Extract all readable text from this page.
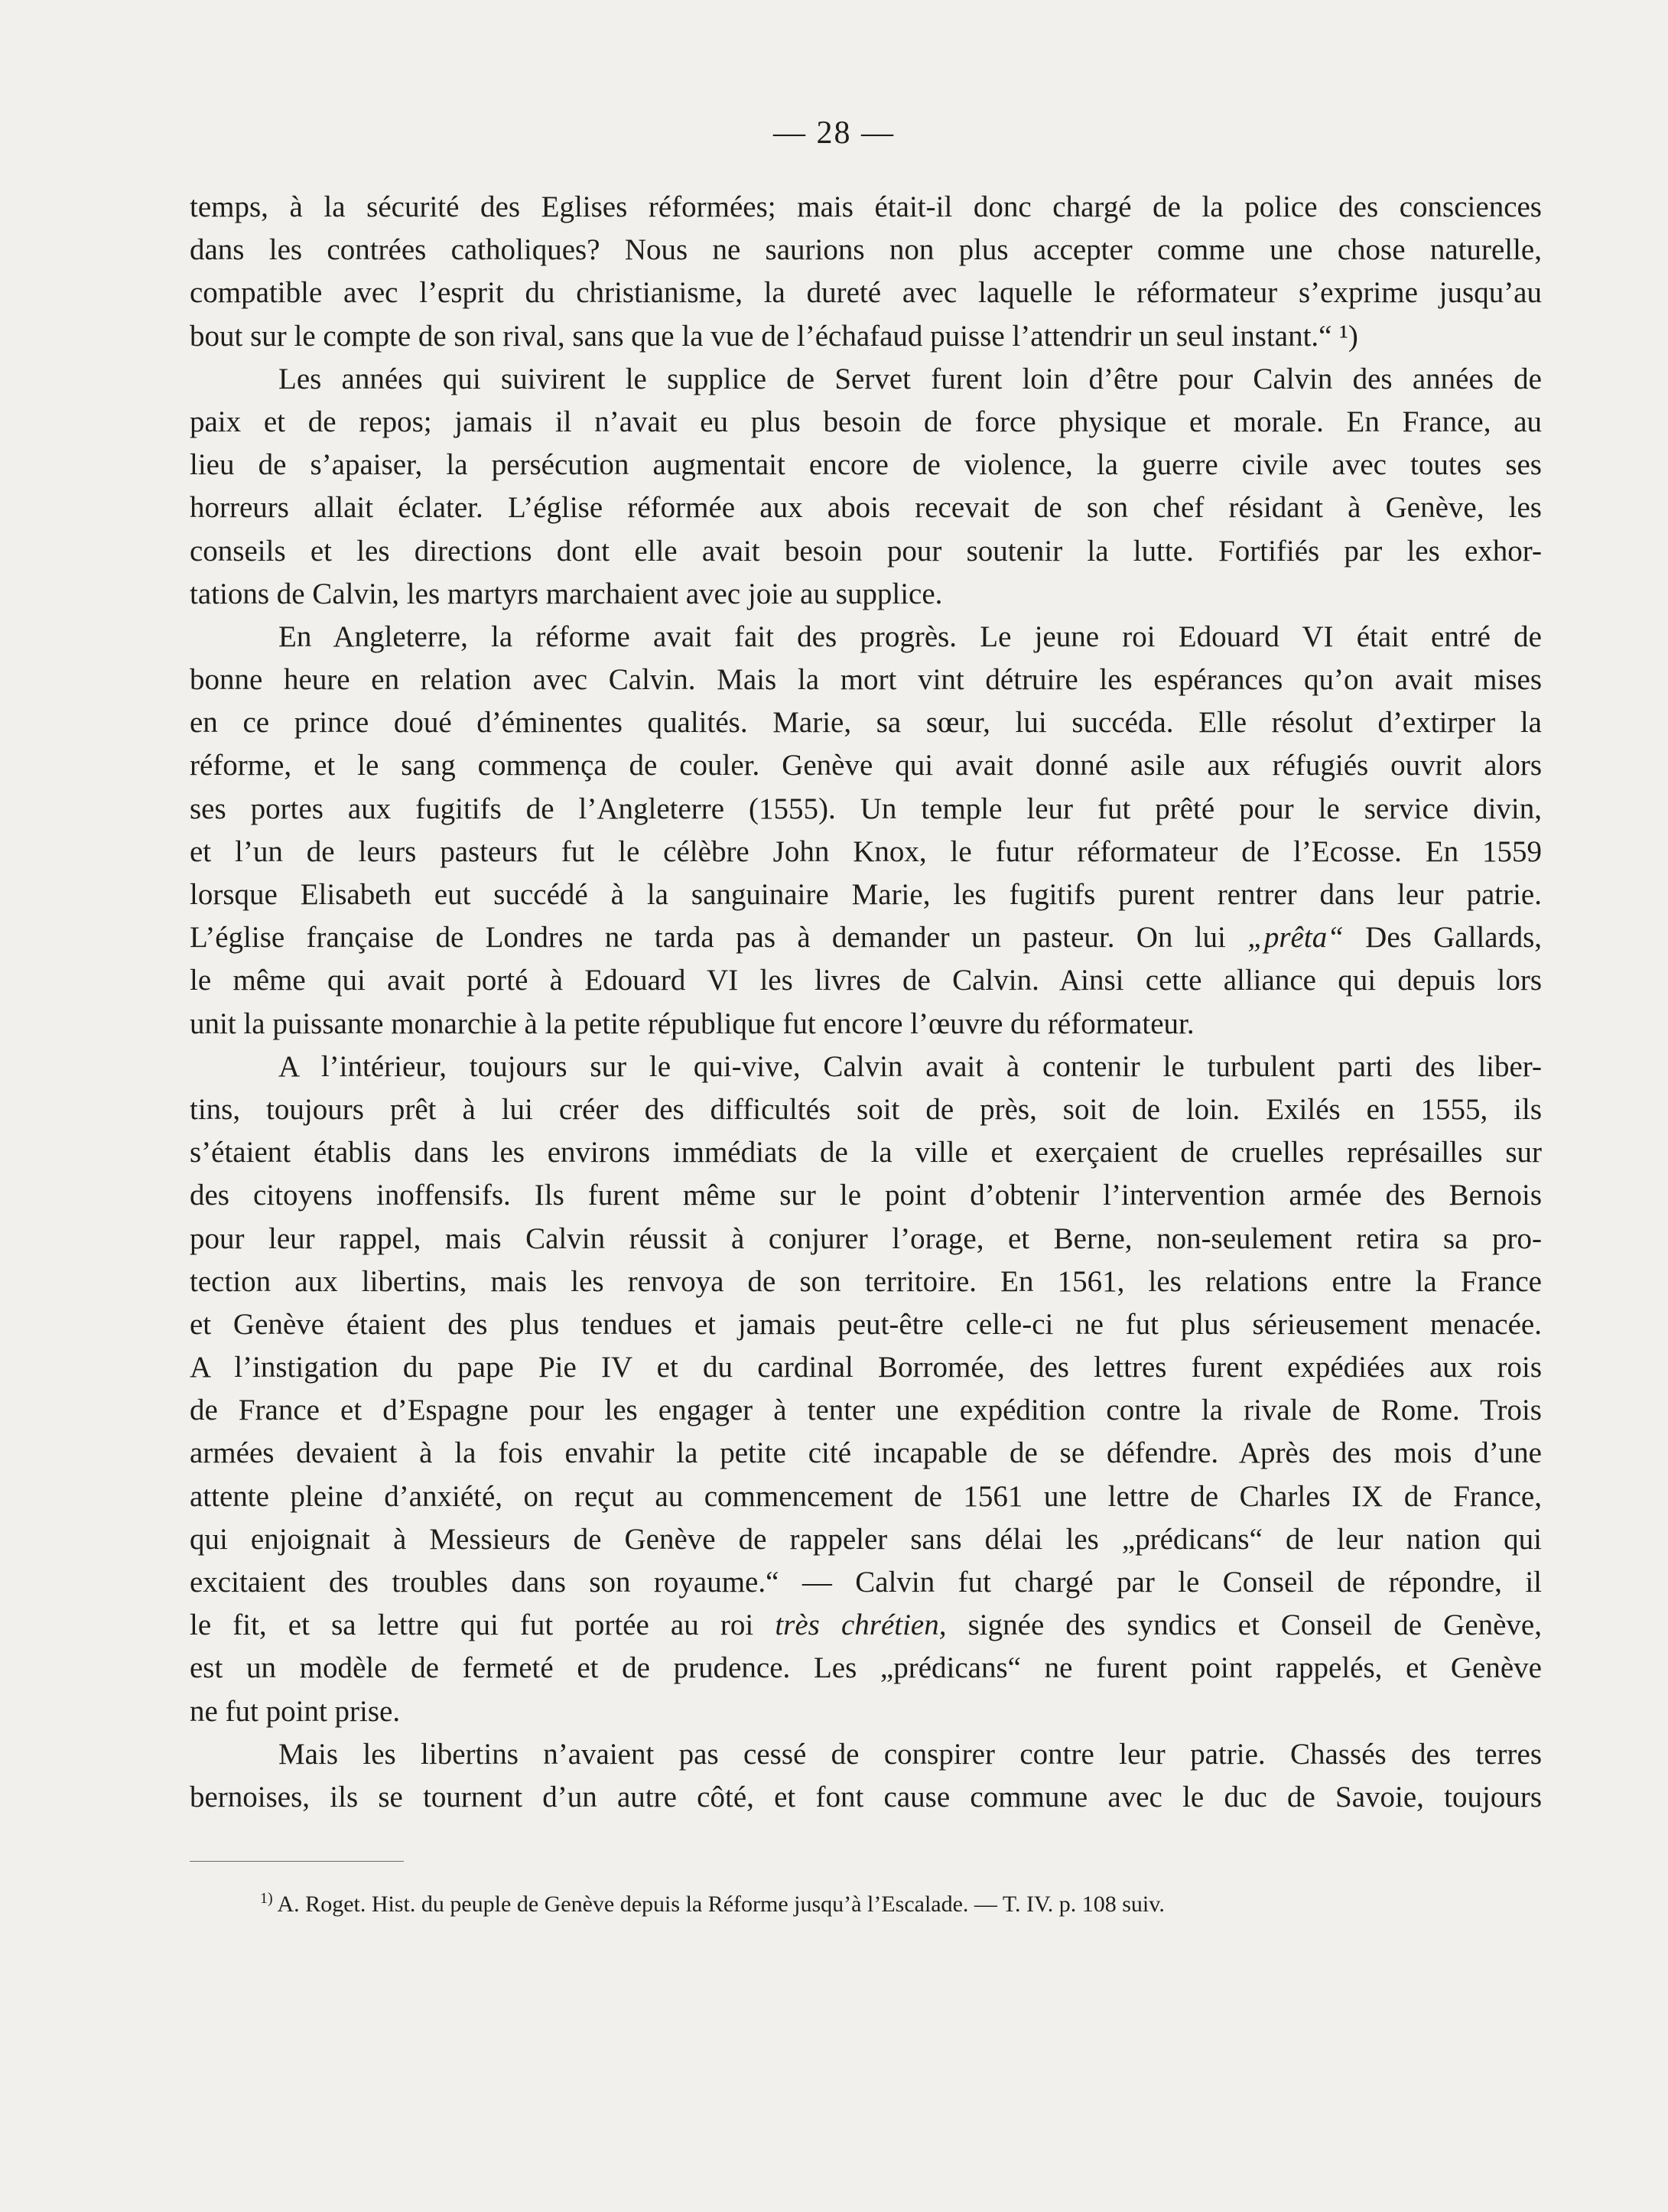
— 28 —
temps, à la sécurité des Eglises réformées; mais était-il donc chargé de la police des consciences
dans les contrées catholiques? Nous ne saurions non plus accepter comme une chose naturelle,
compatible avec l’esprit du christianisme, la dureté avec laquelle le réformateur s’exprime jusqu’au
bout sur le compte de son rival, sans que la vue de l’échafaud puisse l’attendrir un seul instant.“ ¹)
Les années qui suivirent le supplice de Servet furent loin d’être pour Calvin des années de
paix et de repos; jamais il n’avait eu plus besoin de force physique et morale. En France, au
lieu de s’apaiser, la persécution augmentait encore de violence, la guerre civile avec toutes ses
horreurs allait éclater. L’église réformée aux abois recevait de son chef résidant à Genève, les
conseils et les directions dont elle avait besoin pour soutenir la lutte. Fortifiés par les exhor-
tations de Calvin, les martyrs marchaient avec joie au supplice.
En Angleterre, la réforme avait fait des progrès. Le jeune roi Edouard VI était entré de
bonne heure en relation avec Calvin. Mais la mort vint détruire les espérances qu’on avait mises
en ce prince doué d’éminentes qualités. Marie, sa sœur, lui succéda. Elle résolut d’extirper la
réforme, et le sang commença de couler. Genève qui avait donné asile aux réfugiés ouvrit alors
ses portes aux fugitifs de l’Angleterre (1555). Un temple leur fut prêté pour le service divin,
et l’un de leurs pasteurs fut le célèbre John Knox, le futur réformateur de l’Ecosse. En 1559
lorsque Elisabeth eut succédé à la sanguinaire Marie, les fugitifs purent rentrer dans leur patrie.
L’église française de Londres ne tarda pas à demander un pasteur. On lui „prêta“ Des Gallards,
le même qui avait porté à Edouard VI les livres de Calvin. Ainsi cette alliance qui depuis lors
unit la puissante monarchie à la petite république fut encore l’œuvre du réformateur.
A l’intérieur, toujours sur le qui-vive, Calvin avait à contenir le turbulent parti des liber-
tins, toujours prêt à lui créer des difficultés soit de près, soit de loin. Exilés en 1555, ils
s’étaient établis dans les environs immédiats de la ville et exerçaient de cruelles représailles sur
des citoyens inoffensifs. Ils furent même sur le point d’obtenir l’intervention armée des Bernois
pour leur rappel, mais Calvin réussit à conjurer l’orage, et Berne, non-seulement retira sa pro-
tection aux libertins, mais les renvoya de son territoire. En 1561, les relations entre la France
et Genève étaient des plus tendues et jamais peut-être celle-ci ne fut plus sérieusement menacée.
A l’instigation du pape Pie IV et du cardinal Borromée, des lettres furent expédiées aux rois
de France et d’Espagne pour les engager à tenter une expédition contre la rivale de Rome. Trois
armées devaient à la fois envahir la petite cité incapable de se défendre. Après des mois d’une
attente pleine d’anxiété, on reçut au commencement de 1561 une lettre de Charles IX de France,
qui enjoignait à Messieurs de Genève de rappeler sans délai les „prédicans“ de leur nation qui
excitaient des troubles dans son royaume.“ — Calvin fut chargé par le Conseil de répondre, il
le fit, et sa lettre qui fut portée au roi très chrétien, signée des syndics et Conseil de Genève,
est un modèle de fermeté et de prudence. Les „prédicans“ ne furent point rappelés, et Genève
ne fut point prise.
Mais les libertins n’avaient pas cessé de conspirer contre leur patrie. Chassés des terres
bernoises, ils se tournent d’un autre côté, et font cause commune avec le duc de Savoie, toujours
$^{1)}$ A. Roget. Hist. du peuple de Genève depuis la Réforme jusqu’à l’Escalade. — T. IV. p. 108 suiv.
